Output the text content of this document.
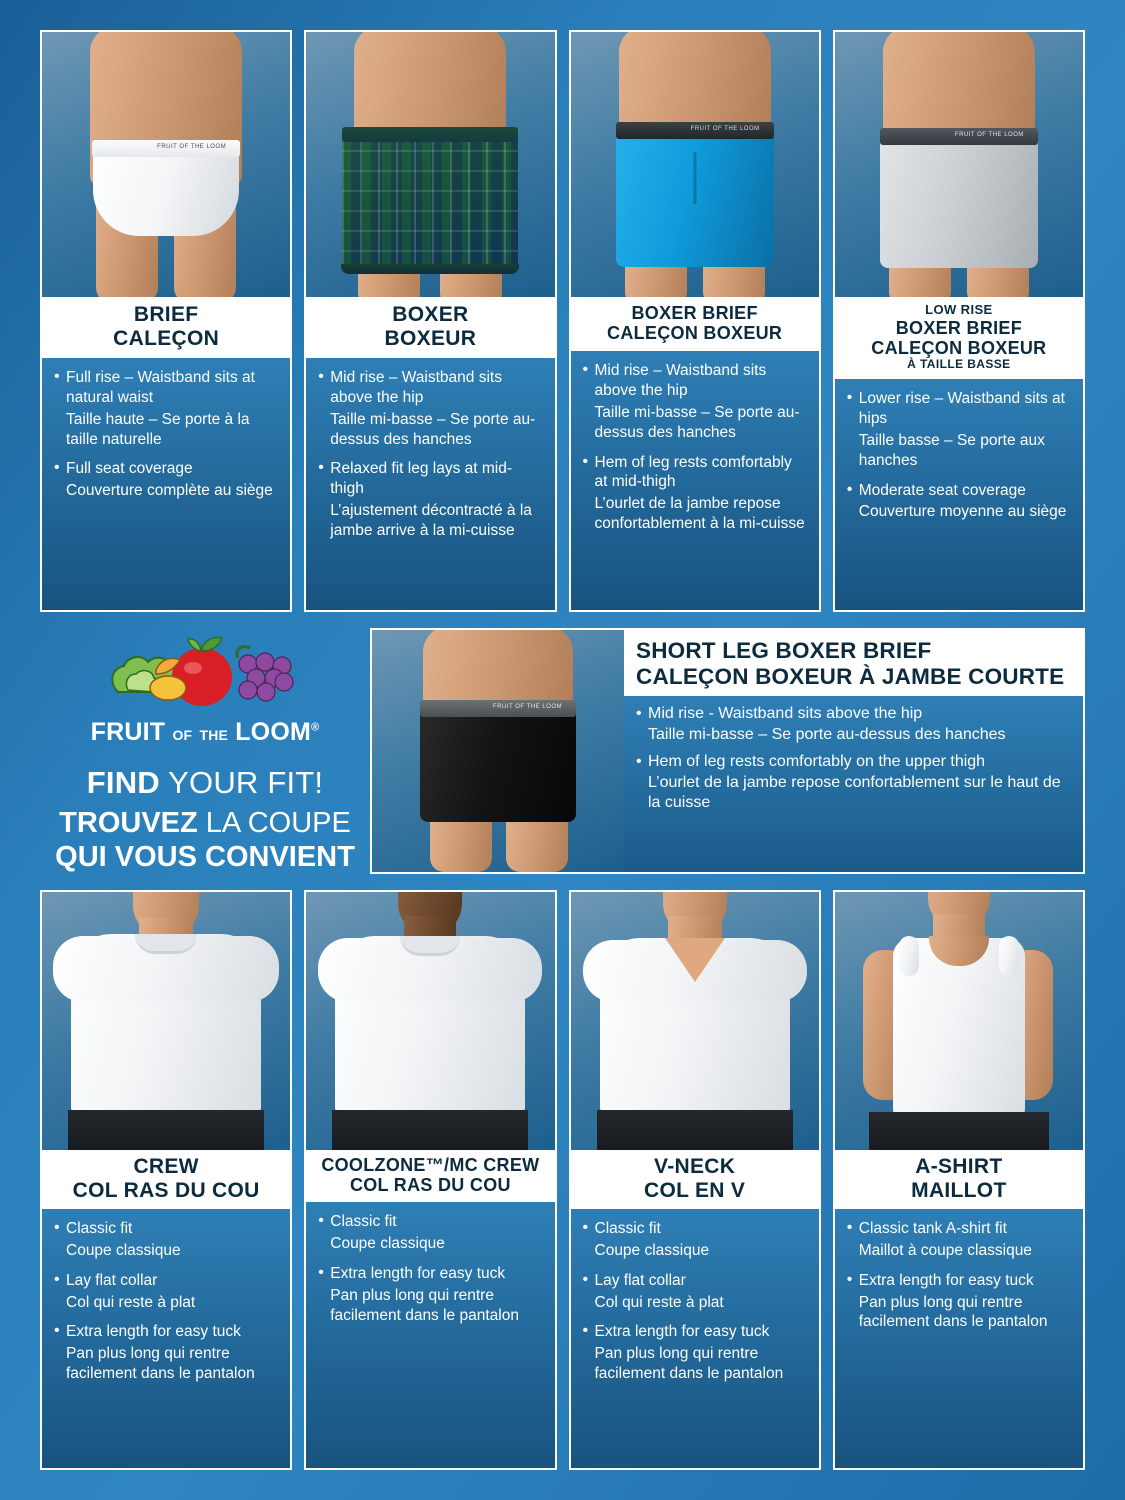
FRUIT OF THE LOOM
BRIEF
CALEÇON
• Full rise – Waistband sits at natural waist
Taille haute – Se porte à la taille naturelle
• Full seat coverage
Couverture complète au siège
BOXER
BOXEUR
• Mid rise – Waistband sits above the hip
Taille mi-basse – Se porte au-dessus des hanches
• Relaxed fit leg lays at mid-thigh
L’ajustement décontracté à la jambe arrive à la mi-cuisse
FRUIT OF THE LOOM
BOXER BRIEF
CALEÇON BOXEUR
• Mid rise – Waistband sits above the hip
Taille mi-basse – Se porte au-dessus des hanches
• Hem of leg rests comfortably at mid-thigh
L’ourlet de la jambe repose confortablement à la mi-cuisse
FRUIT OF THE LOOM
LOW RISE
BOXER BRIEF
CALEÇON BOXEUR
À TAILLE BASSE
• Lower rise – Waistband sits at hips
Taille basse – Se porte aux hanches
• Moderate seat coverage
Couverture moyenne au siège
FRUIT OF THE LOOM®
FIND YOUR FIT!
TROUVEZ LA COUPE
QUI VOUS CONVIENT
FRUIT OF THE LOOM
SHORT LEG BOXER BRIEF
CALEÇON BOXEUR À JAMBE COURTE
• Mid rise - Waistband sits above the hip
Taille mi-basse – Se porte au-dessus des hanches
• Hem of leg rests comfortably on the upper thigh
L’ourlet de la jambe repose confortablement sur le haut de la cuisse
CREW
COL RAS DU COU
• Classic fit
Coupe classique
• Lay flat collar
Col qui reste à plat
• Extra length for easy tuck
Pan plus long qui rentre facilement dans le pantalon
COOLZONE™/MC CREW
COL RAS DU COU
• Classic fit
Coupe classique
• Extra length for easy tuck
Pan plus long qui rentre facilement dans le pantalon
V-NECK
COL EN V
• Classic fit
Coupe classique
• Lay flat collar
Col qui reste à plat
• Extra length for easy tuck
Pan plus long qui rentre facilement dans le pantalon
A-SHIRT
MAILLOT
• Classic tank A-shirt fit
Maillot à coupe classique
• Extra length for easy tuck
Pan plus long qui rentre facilement dans le pantalon
